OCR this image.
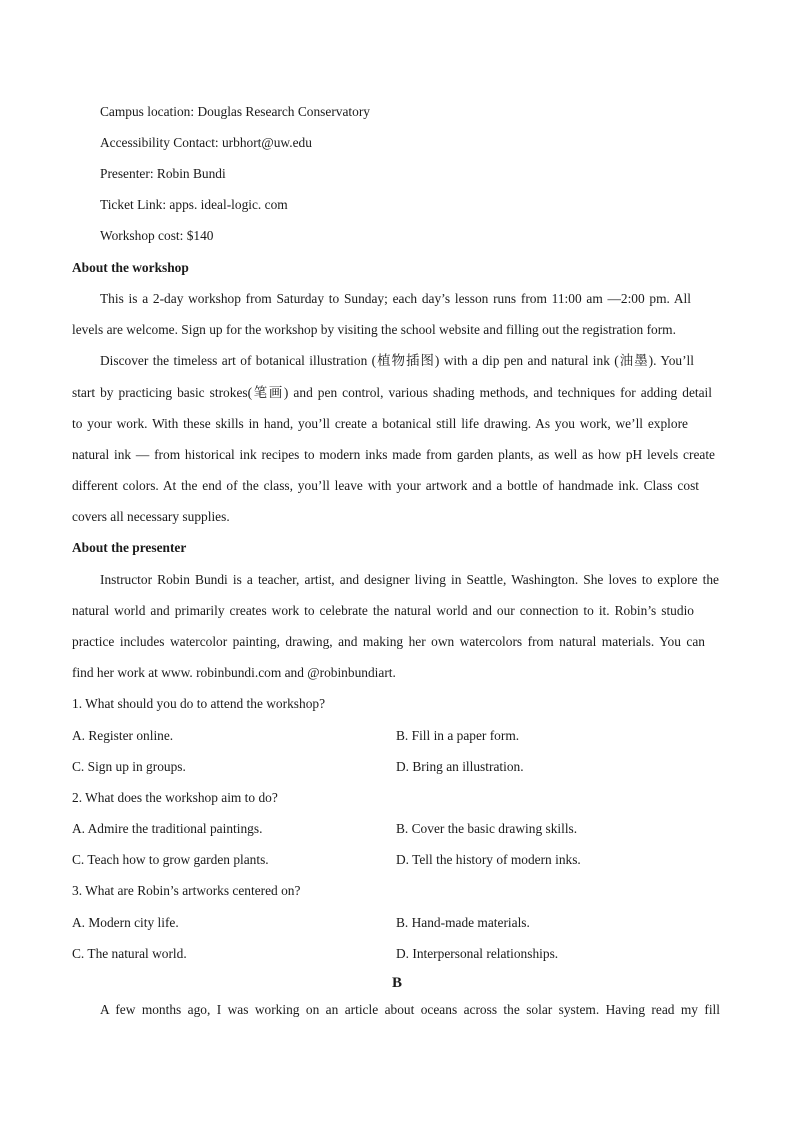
Campus location: Douglas Research Conservatory
Accessibility Contact: urbhort@uw.edu
Presenter: Robin Bundi
Ticket Link: apps. ideal-logic. com
Workshop cost: $140
About the workshop
This is a 2-day workshop from Saturday to Sunday; each day’s lesson runs from 11:00 am —2:00 pm. All
levels are welcome. Sign up for the workshop by visiting the school website and filling out the registration form.
Discover the timeless art of botanical illustration (植物插图) with a dip pen and natural ink (油墨). You’ll
start by practicing basic strokes(笔画) and pen control, various shading methods, and techniques for adding detail
to your work. With these skills in hand, you’ll create a botanical still life drawing. As you work, we’ll explore
natural ink — from historical ink recipes to modern inks made from garden plants, as well as how pH levels create
different colors. At the end of the class, you’ll leave with your artwork and a bottle of handmade ink. Class cost
covers all necessary supplies.
About the presenter
Instructor Robin Bundi is a teacher, artist, and designer living in Seattle, Washington. She loves to explore the
natural world and primarily creates work to celebrate the natural world and our connection to it. Robin’s studio
practice includes watercolor painting, drawing, and making her own watercolors from natural materials. You can
find her work at www. robinbundi.com and @robinbundiart.
1. What should you do to attend the workshop?
A. Register online.	B. Fill in a paper form.
C. Sign up in groups.	D. Bring an illustration.
2. What does the workshop aim to do?
A. Admire the traditional paintings.	B. Cover the basic drawing skills.
C. Teach how to grow garden plants.	D. Tell the history of modern inks.
3. What are Robin’s artworks centered on?
A. Modern city life.	B. Hand-made materials.
C. The natural world.	D. Interpersonal relationships.
B
A few months ago, I was working on an article about oceans across the solar system. Having read my fill
